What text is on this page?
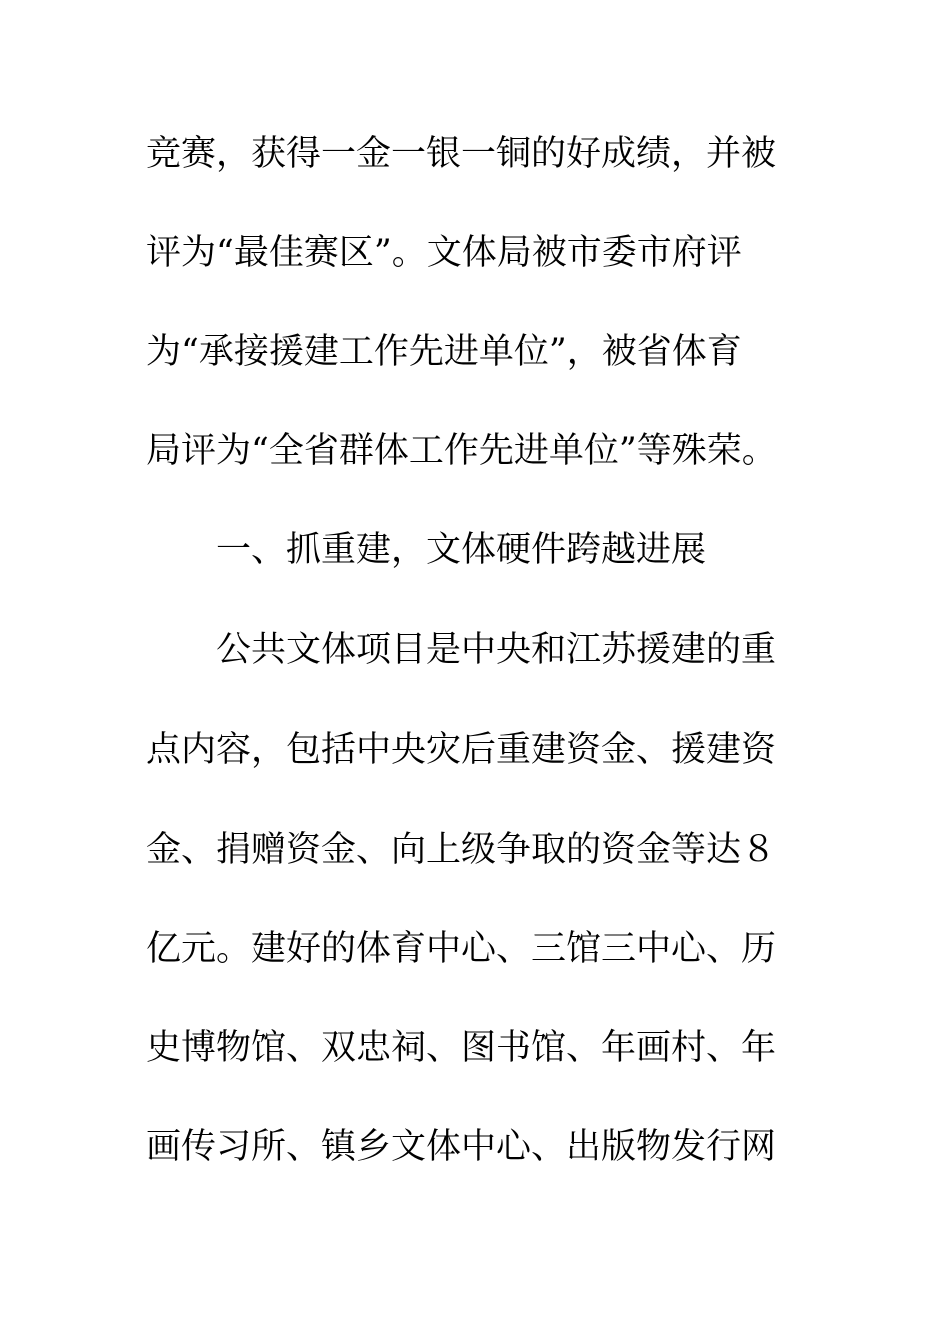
竞赛，获得一金一银一铜的好成绩，并被
评为“最佳赛区”。文体局被市委市府评
为“承接援建工作先进单位”，被省体育
局评为“全省群体工作先进单位”等殊荣。
一、抓重建，文体硬件跨越进展
公共文体项目是中央和江苏援建的重
点内容，包括中央灾后重建资金、援建资
金、捐赠资金、向上级争取的资金等达８
亿元。建好的体育中心、三馆三中心、历
史博物馆、双忠祠、图书馆、年画村、年
画传习所、镇乡文体中心、出版物发行网
